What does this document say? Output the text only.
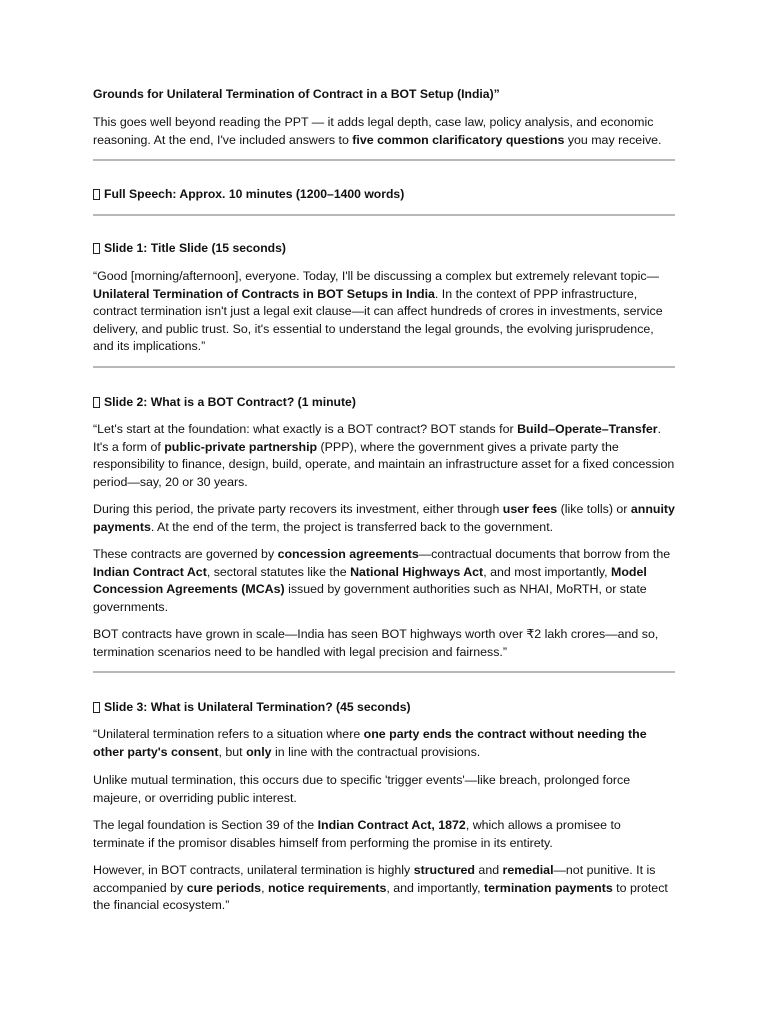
Grounds for Unilateral Termination of Contract in a BOT Setup (India)”

This goes well beyond reading the PPT — it adds legal depth, case law, policy analysis, and economic reasoning. At the end, I've included answers to five common clarificatory questions you may receive.

Full Speech: Approx. 10 minutes (1200–1400 words)
Slide 1: Title Slide (15 seconds)

“Good [morning/afternoon], everyone. Today, I'll be discussing a complex but extremely relevant topic—Unilateral Termination of Contracts in BOT Setups in India. In the context of PPP infrastructure, contract termination isn't just a legal exit clause—it can affect hundreds of crores in investments, service delivery, and public trust. So, it's essential to understand the legal grounds, the evolving jurisprudence, and its implications.”

Slide 2: What is a BOT Contract? (1 minute)

“Let's start at the foundation: what exactly is a BOT contract? BOT stands for Build–Operate–Transfer. It's a form of public-private partnership (PPP), where the government gives a private party the responsibility to finance, design, build, operate, and maintain an infrastructure asset for a fixed concession period—say, 20 or 30 years.

During this period, the private party recovers its investment, either through user fees (like tolls) or annuity payments. At the end of the term, the project is transferred back to the government.

These contracts are governed by concession agreements—contractual documents that borrow from the Indian Contract Act, sectoral statutes like the National Highways Act, and most importantly, Model Concession Agreements (MCAs) issued by government authorities such as NHAI, MoRTH, or state governments.

BOT contracts have grown in scale—India has seen BOT highways worth over ₹2 lakh crores—and so, termination scenarios need to be handled with legal precision and fairness.”

Slide 3: What is Unilateral Termination? (45 seconds)

“Unilateral termination refers to a situation where one party ends the contract without needing the other party's consent, but only in line with the contractual provisions.

Unlike mutual termination, this occurs due to specific 'trigger events'—like breach, prolonged force majeure, or overriding public interest.

The legal foundation is Section 39 of the Indian Contract Act, 1872, which allows a promisee to terminate if the promisor disables himself from performing the promise in its entirety.

However, in BOT contracts, unilateral termination is highly structured and remedial—not punitive. It is accompanied by cure periods, notice requirements, and importantly, termination payments to protect the financial ecosystem.”
